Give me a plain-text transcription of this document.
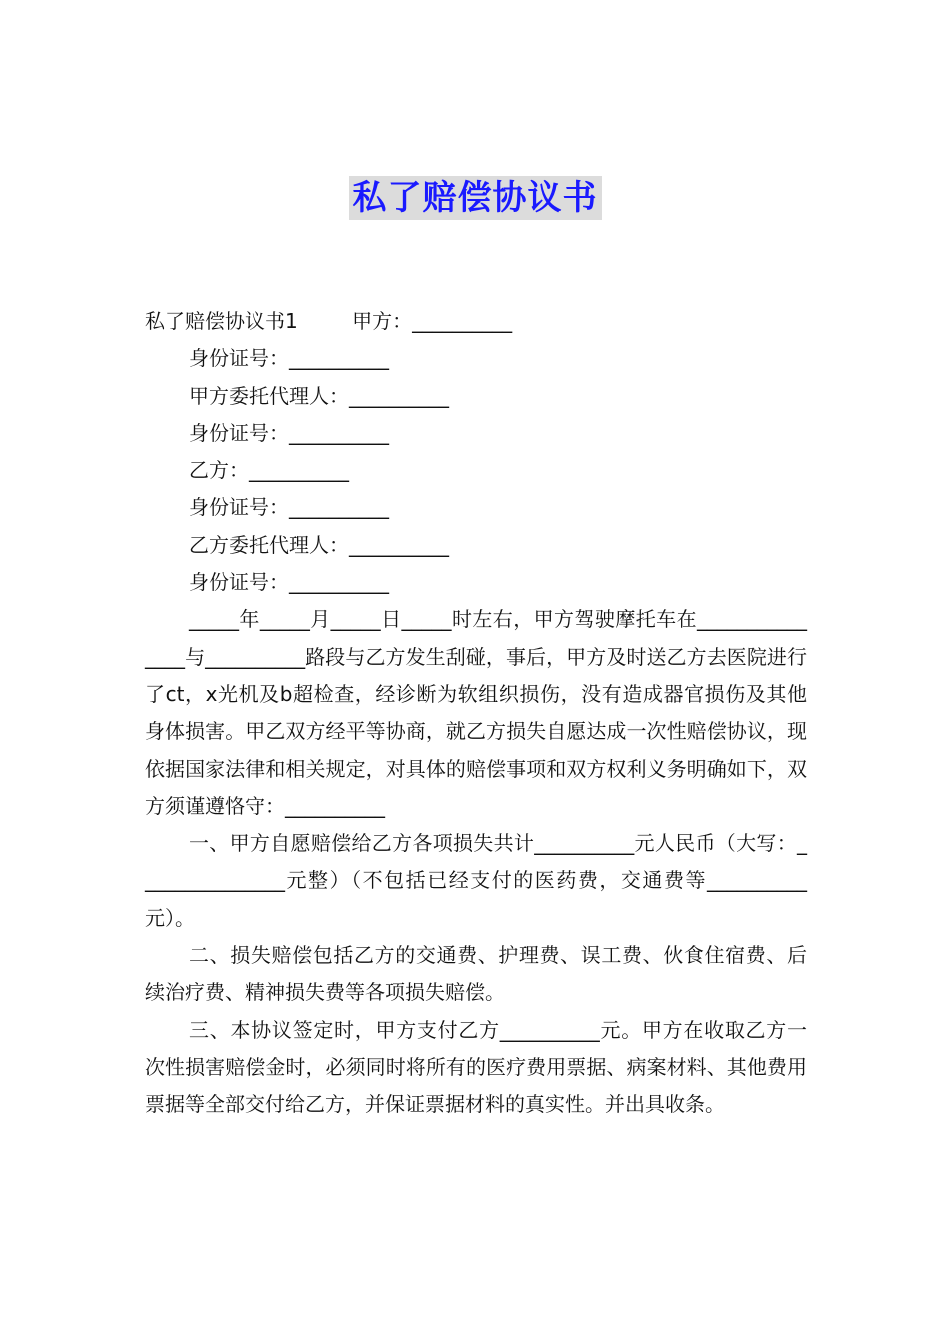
私了赔偿协议书
私了赔偿协议书1	甲方：__________
身份证号：__________
甲方委托代理人：__________
身份证号：__________
乙方：__________
身份证号：__________
乙方委托代理人：__________
身份证号：__________
_____年_____月_____日_____时左右，甲方驾驶摩托车在_______________与__________路段与乙方发生刮碰，事后，甲方及时送乙方去医院进行了ct，x光机及b超检查，经诊断为软组织损伤，没有造成器官损伤及其他身体损害。甲乙双方经平等协商，就乙方损失自愿达成一次性赔偿协议，现依据国家法律和相关规定，对具体的赔偿事项和双方权利义务明确如下，双方须谨遵恪守：__________
一、甲方自愿赔偿给乙方各项损失共计__________元人民币（大写：_______________元整）（不包括已经支付的医药费，交通费等__________元）。
二、损失赔偿包括乙方的交通费、护理费、误工费、伙食住宿费、后续治疗费、精神损失费等各项损失赔偿。
三、本协议签定时，甲方支付乙方__________元。甲方在收取乙方一次性损害赔偿金时，必须同时将所有的医疗费用票据、病案材料、其他费用票据等全部交付给乙方，并保证票据材料的真实性。并出具收条。
